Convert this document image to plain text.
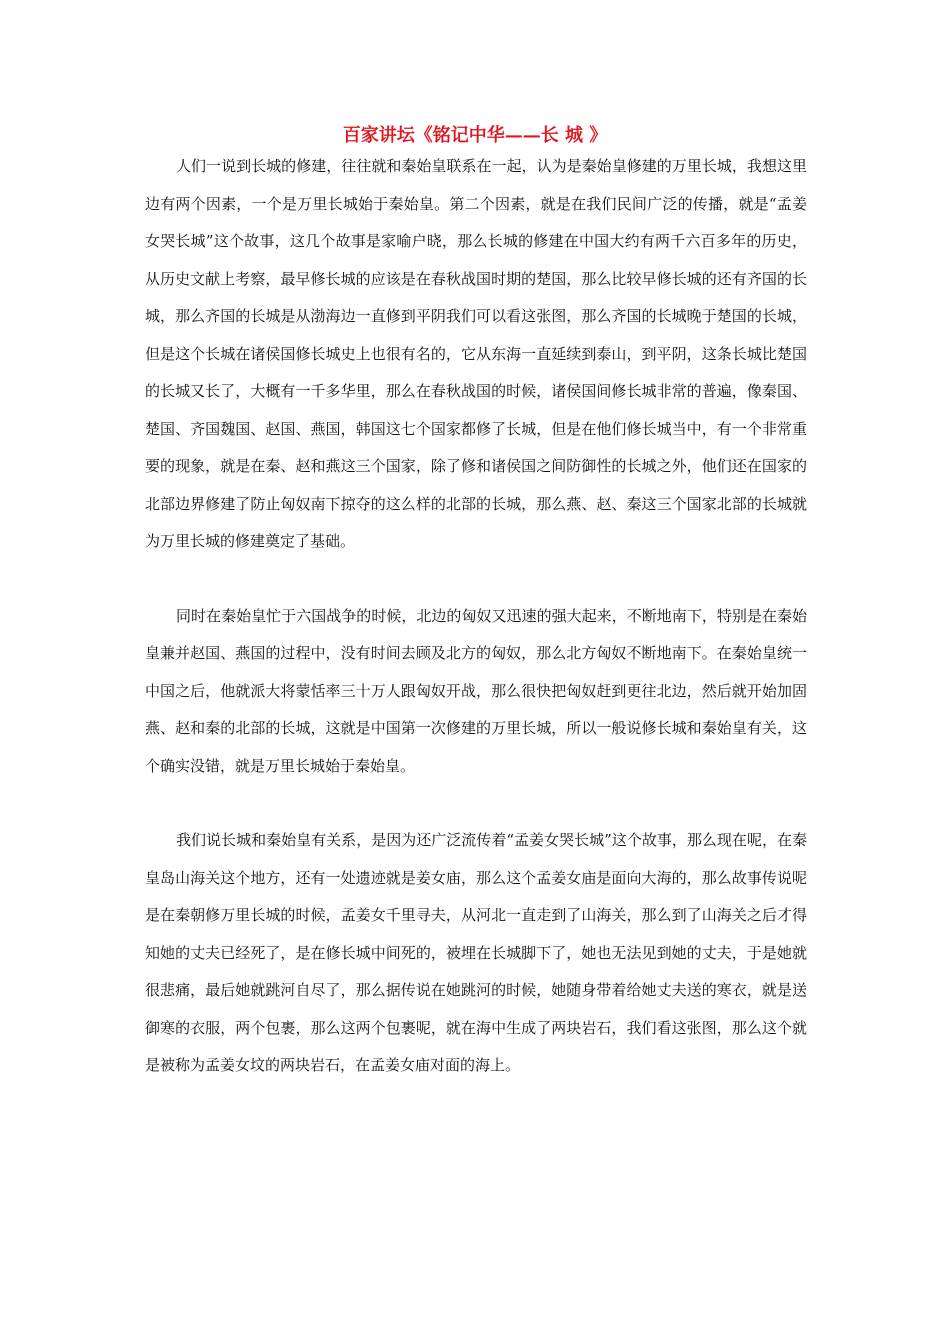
百家讲坛《铭记中华——长 城 》

人们一说到长城的修建，往往就和秦始皇联系在一起，认为是秦始皇修建的万里长城，我想这里边有两个因素，一个是万里长城始于秦始皇。第二个因素，就是在我们民间广泛的传播，就是“孟姜女哭长城”这个故事，这几个故事是家喻户晓，那么长城的修建在中国大约有两千六百多年的历史，从历史文献上考察，最早修长城的应该是在春秋战国时期的楚国，那么比较早修长城的还有齐国的长城，那么齐国的长城是从渤海边一直修到平阴我们可以看这张图，那么齐国的长城晚于楚国的长城，但是这个长城在诸侯国修长城史上也很有名的，它从东海一直延续到泰山，到平阴，这条长城比楚国的长城又长了，大概有一千多华里，那么在春秋战国的时候，诸侯国间修长城非常的普遍，像秦国、楚国、齐国魏国、赵国、燕国，韩国这七个国家都修了长城，但是在他们修长城当中，有一个非常重要的现象，就是在秦、赵和燕这三个国家，除了修和诸侯国之间防御性的长城之外，他们还在国家的北部边界修建了防止匈奴南下掠夺的这么样的北部的长城，那么燕、赵、秦这三个国家北部的长城就为万里长城的修建奠定了基础。

同时在秦始皇忙于六国战争的时候，北边的匈奴又迅速的强大起来，不断地南下，特别是在秦始皇兼并赵国、燕国的过程中，没有时间去顾及北方的匈奴，那么北方匈奴不断地南下。在秦始皇统一中国之后，他就派大将蒙恬率三十万人跟匈奴开战，那么很快把匈奴赶到更往北边，然后就开始加固燕、赵和秦的北部的长城，这就是中国第一次修建的万里长城，所以一般说修长城和秦始皇有关，这个确实没错，就是万里长城始于秦始皇。

我们说长城和秦始皇有关系，是因为还广泛流传着“孟姜女哭长城”这个故事，那么现在呢，在秦皇岛山海关这个地方，还有一处遗迹就是姜女庙，那么这个孟姜女庙是面向大海的，那么故事传说呢是在秦朝修万里长城的时候，孟姜女千里寻夫，从河北一直走到了山海关，那么到了山海关之后才得知她的丈夫已经死了，是在修长城中间死的，被埋在长城脚下了，她也无法见到她的丈夫，于是她就很悲痛，最后她就跳河自尽了，那么据传说在她跳河的时候，她随身带着给她丈夫送的寒衣，就是送御寒的衣服，两个包裹，那么这两个包裹呢，就在海中生成了两块岩石，我们看这张图，那么这个就是被称为孟姜女坟的两块岩石，在孟姜女庙对面的海上。
